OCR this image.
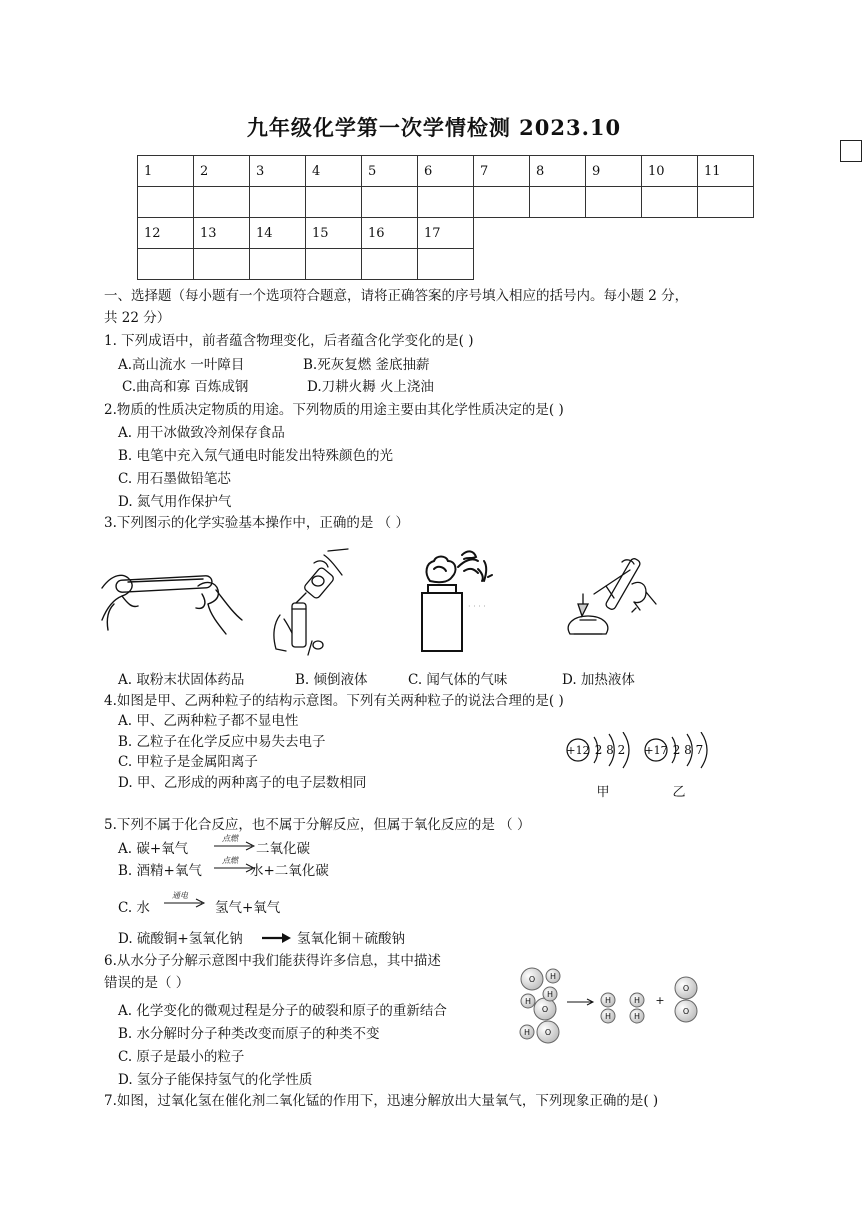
九年级化学第一次学情检测 2023.10
1	2	3	4	5	6	7	8	9	10	11

12	13	14	15	16	17

一、选择题（每小题有一个选项符合题意，请将正确答案的序号填入相应的括号内。每小题 2 分，
共 22 分）
1. 下列成语中，前者蕴含物理变化，后者蕴含化学变化的是( )
A.高山流水 一叶障目	B.死灰复燃 釜底抽薪
C.曲高和寡 百炼成钢	D.刀耕火耨 火上浇油
2.物质的性质决定物质的用途。下列物质的用途主要由其化学性质决定的是( )
A. 用干冰做致冷剂保存食品
B. 电笔中充入氖气通电时能发出特殊颜色的光
C. 用石墨做铅笔芯
D. 氮气用作保护气
3.下列图示的化学实验基本操作中，正确的是 （ ）
· · · ·
A. 取粉末状固体药品	B. 倾倒液体	C. 闻气体的气味	D. 加热液体
4.如图是甲、乙两种粒子的结构示意图。下列有关两种粒子的说法合理的是( )
A. 甲、乙两种粒子都不显电性
B. 乙粒子在化学反应中易失去电子
C. 甲粒子是金属阳离子
D. 甲、乙形成的两种离子的电子层数相同
+12 2 8 2 +17 2 8 7
甲	乙
5.下列不属于化合反应，也不属于分解反应，但属于氧化反应的是 （ ）
A. 碳+氧气
点燃
二氧化碳
B. 酒精+氧气
点燃
水+二氧化碳
C. 水
通电
氢气+氧气
D. 硫酸铜+氢氧化钠 → 氢氧化铜＋硫酸钠
6.从水分子分解示意图中我们能获得许多信息，其中描述
错误的是（ ）
A. 化学变化的微观过程是分子的破裂和原子的重新结合
B. 水分解时分子种类改变而原子的种类不变
C. 原子是最小的粒子
D. 氢分子能保持氢气的化学性质
O H
H
O
H
H O
H
H
H
H
O
O
+
7.如图，过氧化氢在催化剂二氧化锰的作用下，迅速分解放出大量氧气，下列现象正确的是( )
